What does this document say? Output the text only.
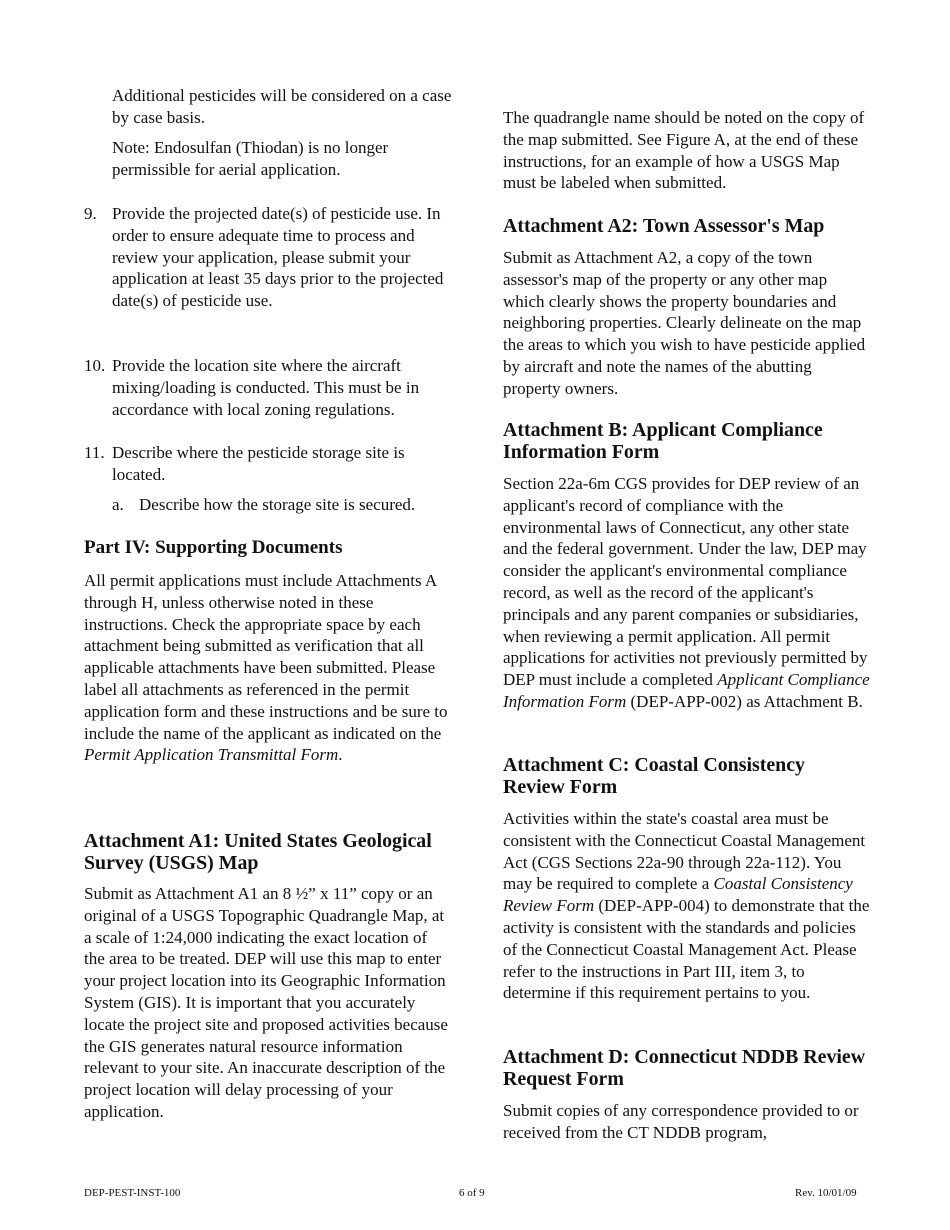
Additional pesticides will be considered on a case by case basis.

Note: Endosulfan (Thiodan) is no longer permissible for aerial application.

9. Provide the projected date(s) of pesticide use. In order to ensure adequate time to process and review your application, please submit your application at least 35 days prior to the projected date(s) of pesticide use.

10. Provide the location site where the aircraft mixing/loading is conducted. This must be in accordance with local zoning regulations.

11. Describe where the pesticide storage site is located.

a. Describe how the storage site is secured.

Part IV: Supporting Documents

All permit applications must include Attachments A through H, unless otherwise noted in these instructions. Check the appropriate space by each attachment being submitted as verification that all applicable attachments have been submitted. Please label all attachments as referenced in the permit application form and these instructions and be sure to include the name of the applicant as indicated on the Permit Application Transmittal Form.

Attachment A1: United States Geological Survey (USGS) Map

Submit as Attachment A1 an 8 ½” x 11” copy or an original of a USGS Topographic Quadrangle Map, at a scale of 1:24,000 indicating the exact location of the area to be treated. DEP will use this map to enter your project location into its Geographic Information System (GIS). It is important that you accurately locate the project site and proposed activities because the GIS generates natural resource information relevant to your site. An inaccurate description of the project location will delay processing of your application.

The quadrangle name should be noted on the copy of the map submitted. See Figure A, at the end of these instructions, for an example of how a USGS Map must be labeled when submitted.

Attachment A2: Town Assessor's Map

Submit as Attachment A2, a copy of the town assessor's map of the property or any other map which clearly shows the property boundaries and neighboring properties. Clearly delineate on the map the areas to which you wish to have pesticide applied by aircraft and note the names of the abutting property owners.

Attachment B: Applicant Compliance Information Form

Section 22a-6m CGS provides for DEP review of an applicant's record of compliance with the environmental laws of Connecticut, any other state and the federal government. Under the law, DEP may consider the applicant's environmental compliance record, as well as the record of the applicant's principals and any parent companies or subsidiaries, when reviewing a permit application. All permit applications for activities not previously permitted by DEP must include a completed Applicant Compliance Information Form (DEP-APP-002) as Attachment B.

Attachment C: Coastal Consistency Review Form

Activities within the state's coastal area must be consistent with the Connecticut Coastal Management Act (CGS Sections 22a-90 through 22a-112). You may be required to complete a Coastal Consistency Review Form (DEP-APP-004) to demonstrate that the activity is consistent with the standards and policies of the Connecticut Coastal Management Act. Please refer to the instructions in Part III, item 3, to determine if this requirement pertains to you.

Attachment D: Connecticut NDDB Review Request Form

Submit copies of any correspondence provided to or received from the CT NDDB program,

DEP-PEST-INST-100	6 of 9	Rev. 10/01/09
